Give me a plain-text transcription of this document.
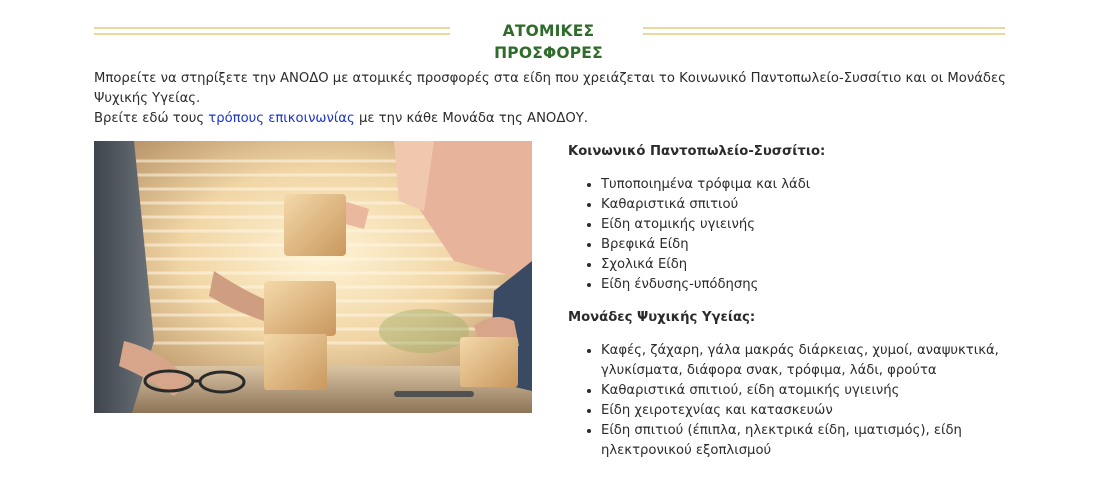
ΑΤΟΜΙΚΕΣ ΠΡΟΣΦΟΡΕΣ

Μπορείτε να στηρίξετε την ΑΝΟΔΟ με ατομικές προσφορές στα είδη που χρειάζεται το Κοινωνικό Παντοπωλείο-Συσσίτιο και οι Μονάδες Ψυχικής Υγείας.

Βρείτε εδώ τους τρόπους επικοινωνίας με την κάθε Μονάδα της ΑΝΟΔΟΥ.

Κοινωνικό Παντοπωλείο-Συσσίτιο:

• Τυποποιημένα τρόφιμα και λάδι
• Καθαριστικά σπιτιού
• Είδη ατομικής υγιεινής
• Βρεφικά Είδη
• Σχολικά Είδη
• Είδη ένδυσης-υπόδησης

Μονάδες Ψυχικής Υγείας:

• Καφές, ζάχαρη, γάλα μακράς διάρκειας, χυμοί, αναψυκτικά, γλυκίσματα, διάφορα σνακ, τρόφιμα, λάδι, φρούτα
• Καθαριστικά σπιτιού, είδη ατομικής υγιεινής
• Είδη χειροτεχνίας και κατασκευών
• Είδη σπιτιού (έπιπλα, ηλεκτρικά είδη, ιματισμός), είδη ηλεκτρονικού εξοπλισμού
